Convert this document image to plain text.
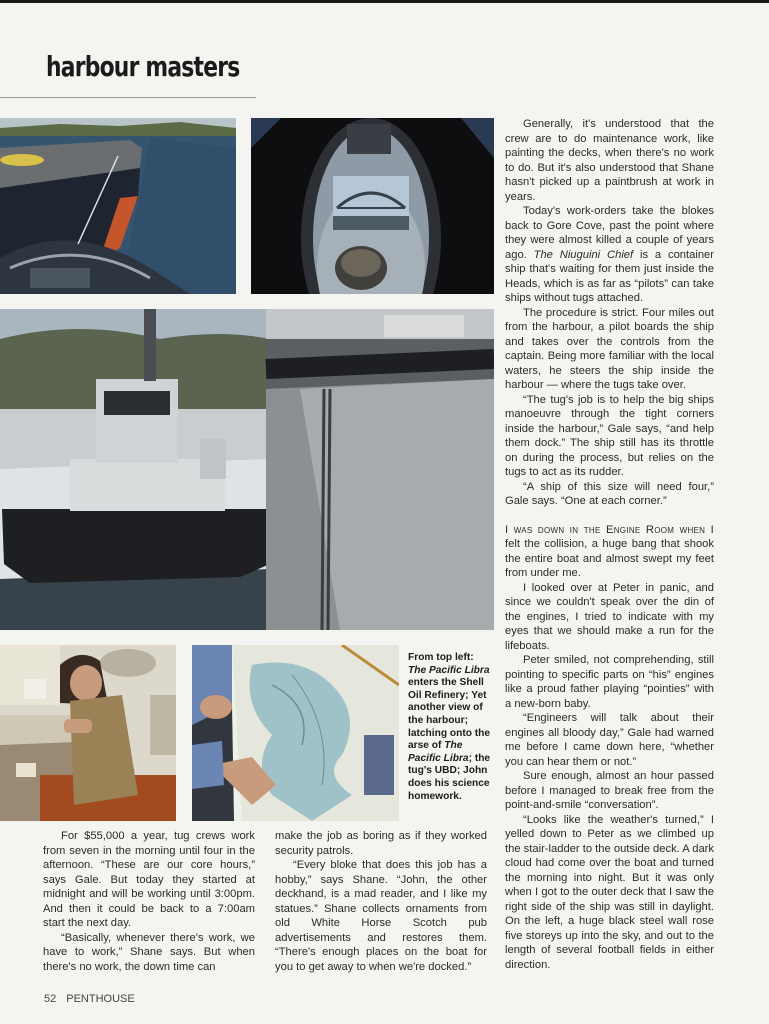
harbour masters
From top left: The Pacific Libra enters the Shell Oil Refinery; Yet another view of the harbour; latching onto the arse of The Pacific Libra; the tug's UBD; John does his science homework.

For $55,000 a year, tug crews work from seven in the morning until four in the afternoon. “These are our core hours,” says Gale. But today they started at midnight and will be working until 3:00pm. And then it could be back to a 7:00am start the next day.

“Basically, whenever there's work, we have to work,” Shane says. But when there's no work, the down time can

make the job as boring as if they worked security patrols.

“Every bloke that does this job has a hobby,” says Shane. “John, the other deckhand, is a mad reader, and I like my statues.” Shane collects ornaments from old White Horse Scotch pub advertisements and restores them. “There's enough places on the boat for you to get away to when we're docked.”

Generally, it's understood that the crew are to do maintenance work, like painting the decks, when there's no work to do. But it's also understood that Shane hasn't picked up a paintbrush at work in years.

Today's work-orders take the blokes back to Gore Cove, past the point where they were almost killed a couple of years ago. The Niuguini Chief is a container ship that's waiting for them just inside the Heads, which is as far as “pilots” can take ships without tugs attached.

The procedure is strict. Four miles out from the harbour, a pilot boards the ship and takes over the controls from the captain. Being more familiar with the local waters, he steers the ship inside the harbour — where the tugs take over.

“The tug's job is to help the big ships manoeuvre through the tight corners inside the harbour,” Gale says, “and help them dock.” The ship still has its throttle on during the process, but relies on the tugs to act as its rudder.

“A ship of this size will need four,” Gale says. “One at each corner.”

I was down in the Engine Room when I felt the collision, a huge bang that shook the entire boat and almost swept my feet from under me.

I looked over at Peter in panic, and since we couldn't speak over the din of the engines, I tried to indicate with my eyes that we should make a run for the lifeboats.

Peter smiled, not comprehending, still pointing to specific parts on “his” engines like a proud father playing “pointies” with a new-born baby.

“Engineers will talk about their engines all bloody day,” Gale had warned me before I came down here, “whether you can hear them or not.”

Sure enough, almost an hour passed before I managed to break free from the point-and-smile “conversation”.

“Looks like the weather's turned,” I yelled down to Peter as we climbed up the stair-ladder to the outside deck. A dark cloud had come over the boat and turned the morning into night. But it was only when I got to the outer deck that I saw the right side of the ship was still in daylight. On the left, a huge black steel wall rose five storeys up into the sky, and out to the length of several football fields in either direction.

52 PENTHOUSE
